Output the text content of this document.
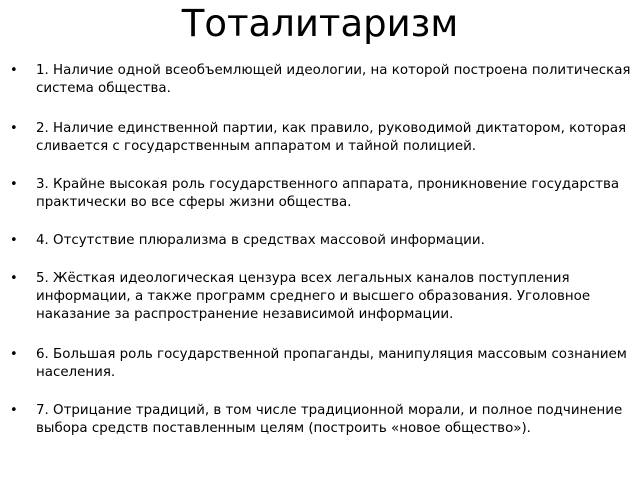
Тоталитаризм
• 1. Наличие одной всеобъемлющей идеологии, на которой построена политическая система общества.
• 2. Наличие единственной партии, как правило, руководимой диктатором, которая сливается с государственным аппаратом и тайной полицией.
• 3. Крайне высокая роль государственного аппарата, проникновение государства практически во все сферы жизни общества.
• 4. Отсутствие плюрализма в средствах массовой информации.
• 5. Жёсткая идеологическая цензура всех легальных каналов поступления информации, а также программ среднего и высшего образования. Уголовное наказание за распространение независимой информации.
• 6. Большая роль государственной пропаганды, манипуляция массовым сознанием населения.
• 7. Отрицание традиций, в том числе традиционной морали, и полное подчинение выбора средств поставленным целям (построить «новое общество»).
